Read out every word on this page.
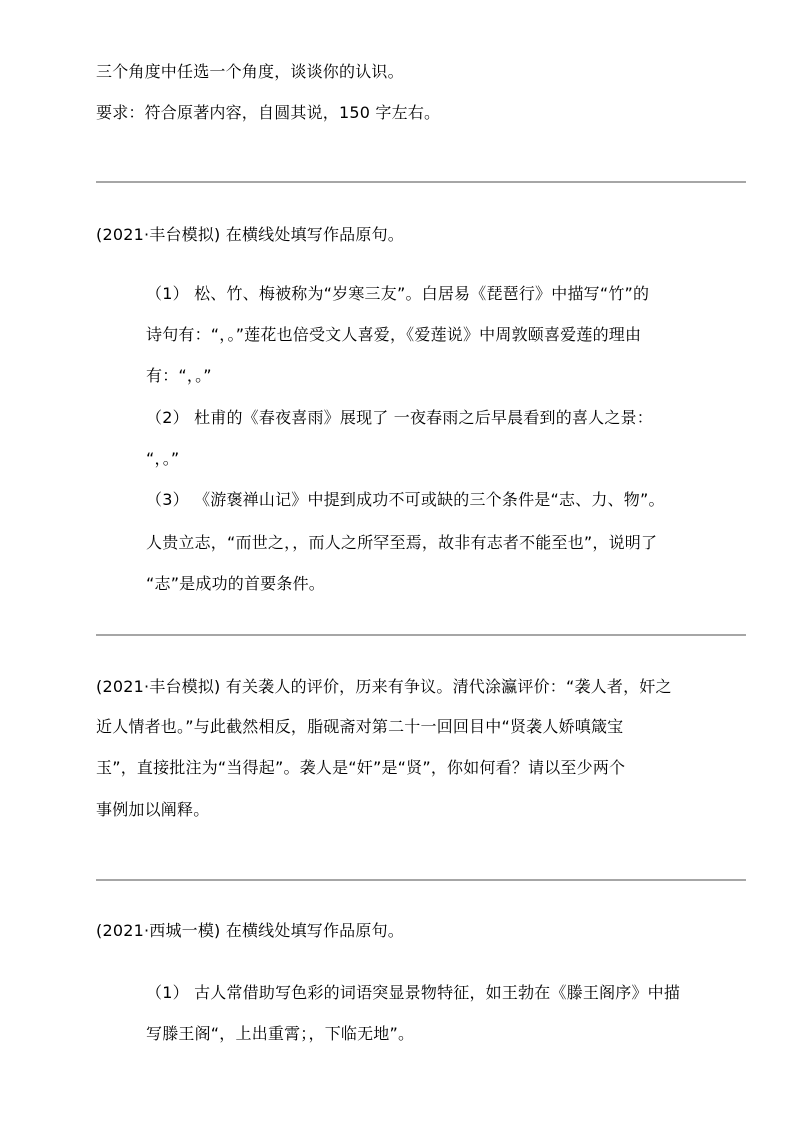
三个角度中任选一个角度，谈谈你的认识。
要求：符合原著内容，自圆其说，150 字左右。
(2021·丰台模拟) 在横线处填写作品原句。
（1） 松、竹、梅被称为“岁寒三友”。白居易《琵琶行》中描写“竹”的
诗句有：“，。”莲花也倍受文人喜爱，《爱莲说》中周敦颐喜爱莲的理由
有：“，。”
（2） 杜甫的《春夜喜雨》展现了 一夜春雨之后早晨看到的喜人之景：
“，。”
（3） 《游褒禅山记》中提到成功不可或缺的三个条件是“志、力、物”。
人贵立志，“而世之，，而人之所罕至焉，故非有志者不能至也”，说明了
“志”是成功的首要条件。
(2021·丰台模拟) 有关袭人的评价，历来有争议。清代涂瀛评价：“袭人者，奸之
近人情者也。”与此截然相反，脂砚斋对第二十一回回目中“贤袭人娇嗔箴宝
玉”，直接批注为“当得起”。袭人是“奸”是“贤”，你如何看？请以至少两个
事例加以阐释。
(2021·西城一模) 在横线处填写作品原句。
（1） 古人常借助写色彩的词语突显景物特征，如王勃在《滕王阁序》中描
写滕王阁“，上出重霄；，下临无地”。
